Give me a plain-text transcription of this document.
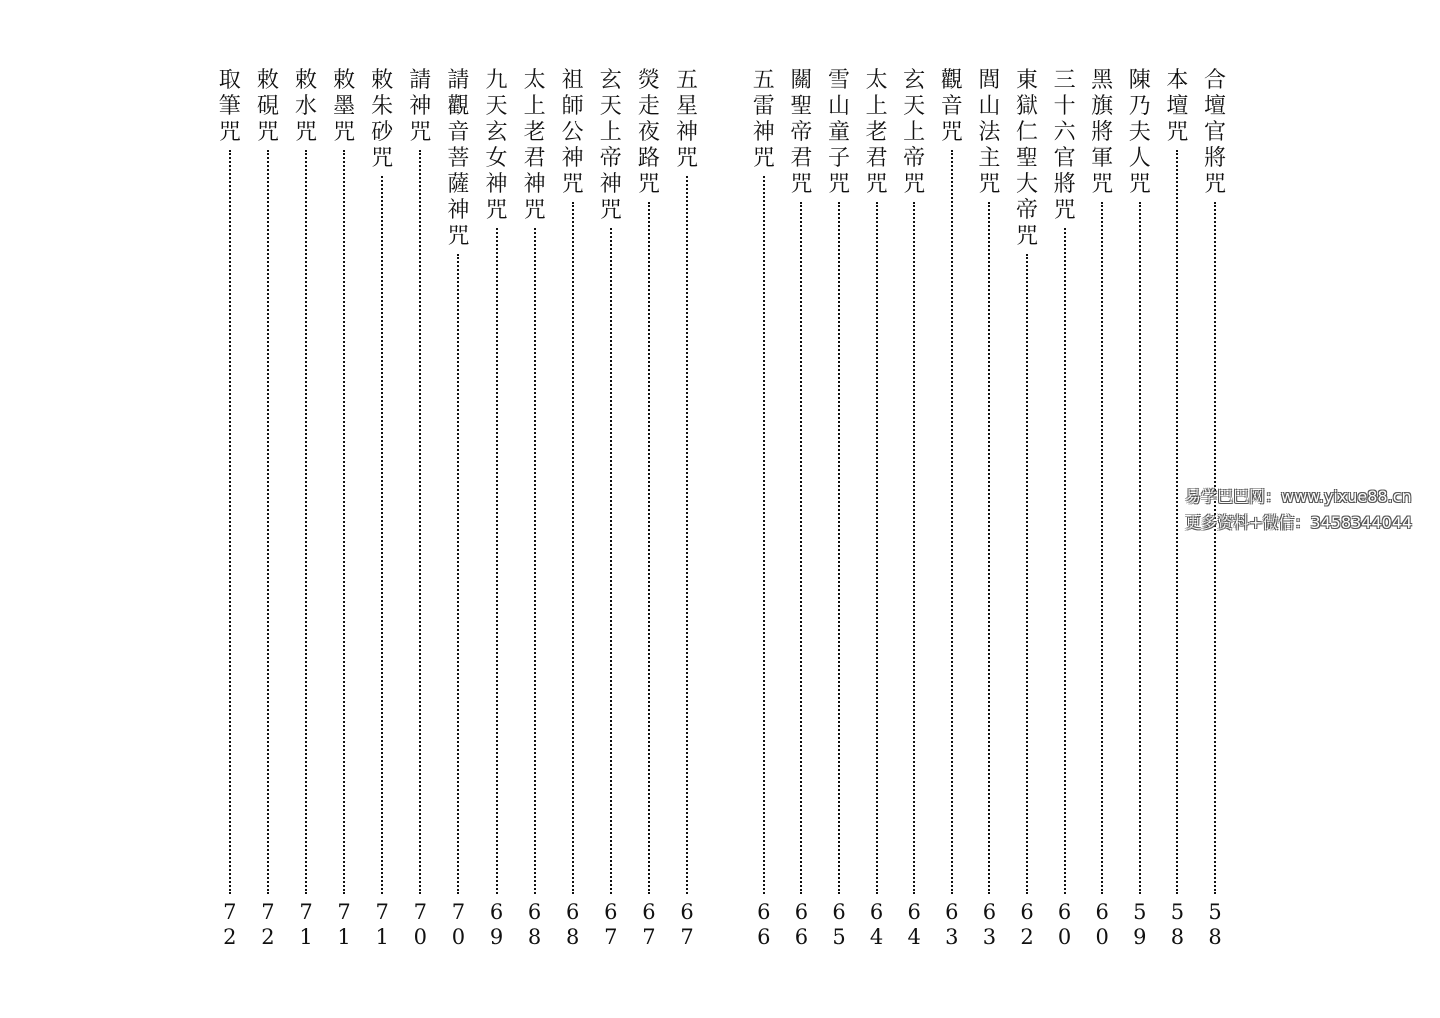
合
壇
官
將
咒
5
8
本
壇
咒
5
8
陳
乃
夫
人
咒
5
9
黑
旗
將
軍
咒
6
0
三
十
六
官
將
咒
6
0
東
獄
仁
聖
大
帝
咒
6
2
閭
山
法
主
咒
6
3
觀
音
咒
6
3
玄
天
上
帝
咒
6
4
太
上
老
君
咒
6
4
雪
山
童
子
咒
6
5
關
聖
帝
君
咒
6
6
五
雷
神
咒
6
6
五
星
神
咒
6
7
熒
走
夜
路
咒
6
7
玄
天
上
帝
神
咒
6
7
祖
師
公
神
咒
6
8
太
上
老
君
神
咒
6
8
九
天
玄
女
神
咒
6
9
請
觀
音
菩
薩
神
咒
7
0
請
神
咒
7
0
敕
朱
砂
咒
7
1
敕
墨
咒
7
1
敕
水
咒
7
1
敕
硯
咒
7
2
取
筆
咒
7
2
易学巴巴网：www.yixue88.cn
更多资料+微信：3458344044
